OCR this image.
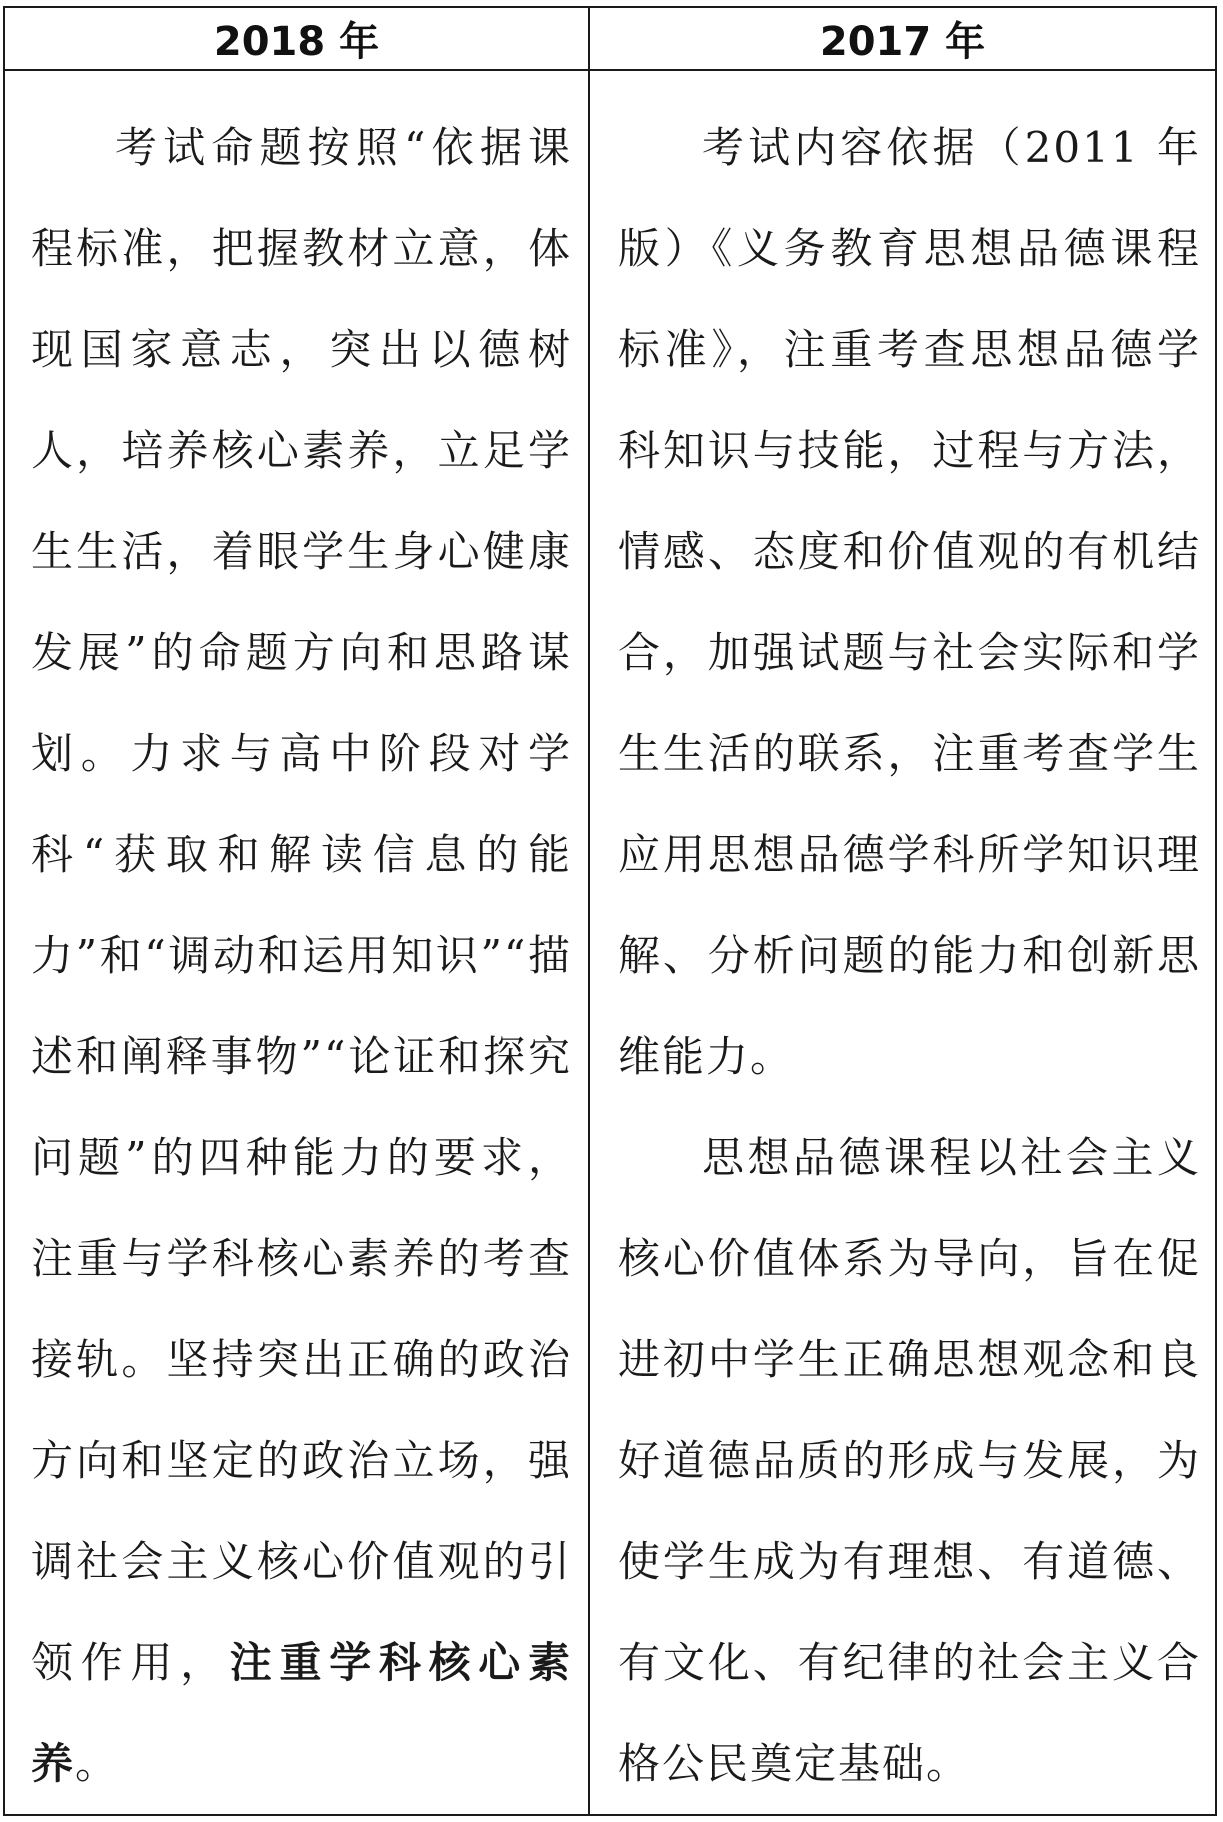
2018 年	2017 年

考试命题按照“依据课程标准，把握教材立意，体现国家意志，突出以德树人，培养核心素养，立足学生生活，着眼学生身心健康发展”的命题方向和思路谋划。力求与高中阶段对学科“获取和解读信息的能力”和“调动和运用知识”“描述和阐释事物”“论证和探究问题”的四种能力的要求，注重与学科核心素养的考查接轨。坚持突出正确的政治方向和坚定的政治立场，强调社会主义核心价值观的引领作用，注重学科核心素养。

考试内容依据（2011 年版）《义务教育思想品德课程标准》，注重考查思想品德学科知识与技能，过程与方法，情感、态度和价值观的有机结合，加强试题与社会实际和学生生活的联系，注重考查学生应用思想品德学科所学知识理解、分析问题的能力和创新思维能力。

思想品德课程以社会主义核心价值体系为导向，旨在促进初中学生正确思想观念和良好道德品质的形成与发展，为使学生成为有理想、有道德、有文化、有纪律的社会主义合格公民奠定基础。
